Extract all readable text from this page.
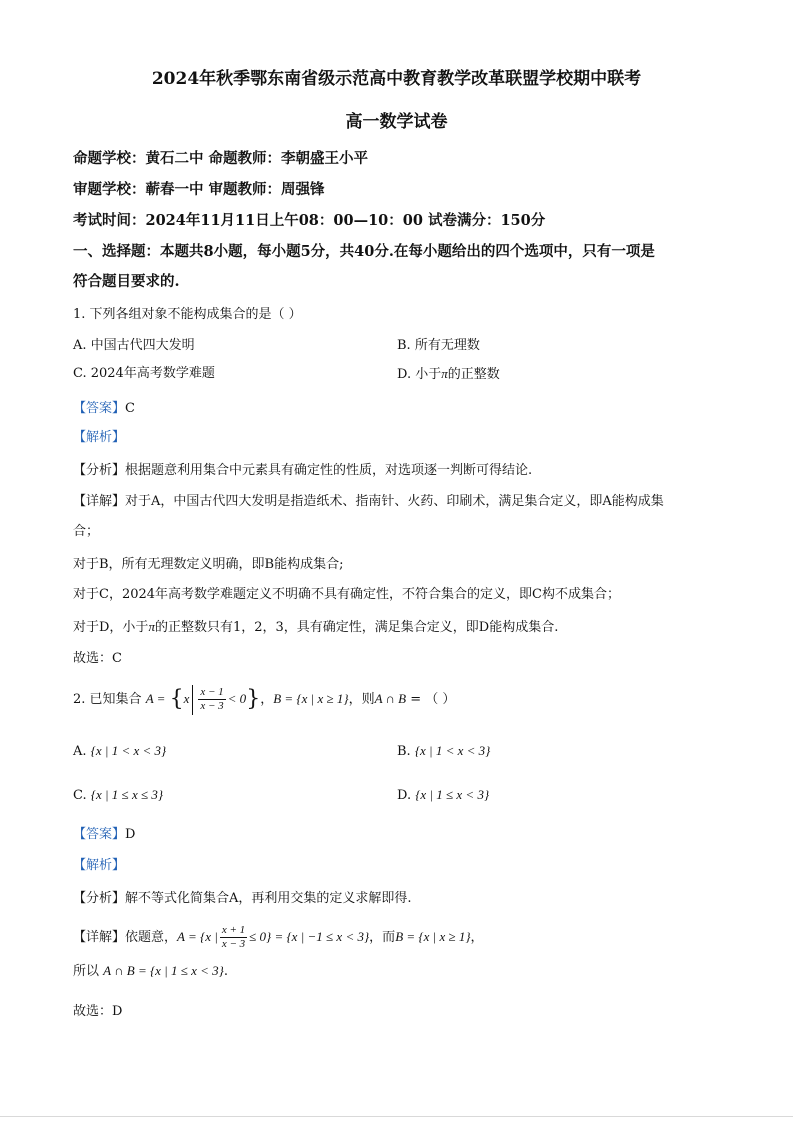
2024年秋季鄂东南省级示范高中教育教学改革联盟学校期中联考
高一数学试卷
命题学校：黄石二中 命题教师：李朝盛王小平
审题学校：蕲春一中 审题教师：周强锋
考试时间：2024年11月11日上午08：00—10：00 试卷满分：150分
一、选择题：本题共8小题，每小题5分，共40分.在每小题给出的四个选项中，只有一项是
符合题目要求的.
1. 下列各组对象不能构成集合的是（ ）
A. 中国古代四大发明	B. 所有无理数
C. 2024年高考数学难题	D. 小于π的正整数
【答案】C
【解析】
【分析】根据题意利用集合中元素具有确定性的性质，对选项逐一判断可得结论.
【详解】对于A，中国古代四大发明是指造纸术、指南针、火药、印刷术，满足集合定义，即A能构成集
合；
对于B，所有无理数定义明确，即B能构成集合;
对于C，2024年高考数学难题定义不明确不具有确定性，不符合集合的定义，即C构不成集合；
对于D，小于π的正整数只有1，2，3，具有确定性，满足集合定义，即D能构成集合.
故选：C
2. 已知集合 $A = \{x \frac{x - 1}{x - 3} < 0\}$，B = {x | x ≥ 1}，则A ∩ B = （ ）
A. {x | 1 < x < 3}	B. {x | 1 < x < 3}
C. {x | 1 ≤ x ≤ 3}	D. {x | 1 ≤ x < 3}
【答案】D
【解析】
【分析】解不等式化简集合A，再利用交集的定义求解即得.
【详解】依题意，A = {x | $\frac{x + 1}{x - 3} \le 0\} = \{x$ | −1 ≤ x < 3}，而B = {x | x ≥ 1}，
所以 A ∩ B = {x | 1 ≤ x < 3}.
故选：D
